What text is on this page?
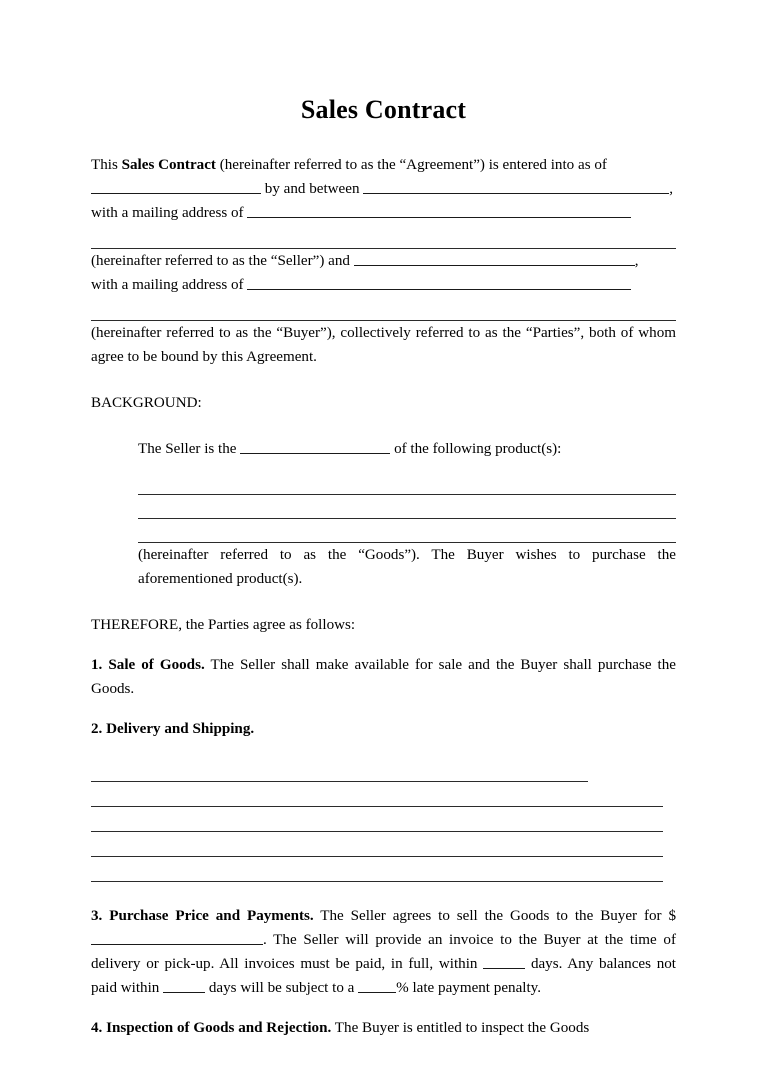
Sales Contract

This Sales Contract (hereinafter referred to as the “Agreement”) is entered into as of

by and between	,

with a mailing address of

(hereinafter referred to as the “Seller”) and	,

with a mailing address of

(hereinafter referred to as the “Buyer”), collectively referred to as the “Parties”, both of whom agree to be bound by this Agreement.

BACKGROUND:

The Seller is the	of the following product(s):

(hereinafter referred to as the “Goods”). The Buyer wishes to purchase the aforementioned product(s).

THEREFORE, the Parties agree as follows:

1. Sale of Goods. The Seller shall make available for sale and the Buyer shall purchase the Goods.

2. Delivery and Shipping.

3. Purchase Price and Payments. The Seller agrees to sell the Goods to the Buyer for $. The Seller will provide an invoice to the Buyer at the time of delivery or pick-up. All invoices must be paid, in full, within	days. Any balances not paid within	days will be subject to a	% late payment penalty.

4. Inspection of Goods and Rejection. The Buyer is entitled to inspect the Goods
